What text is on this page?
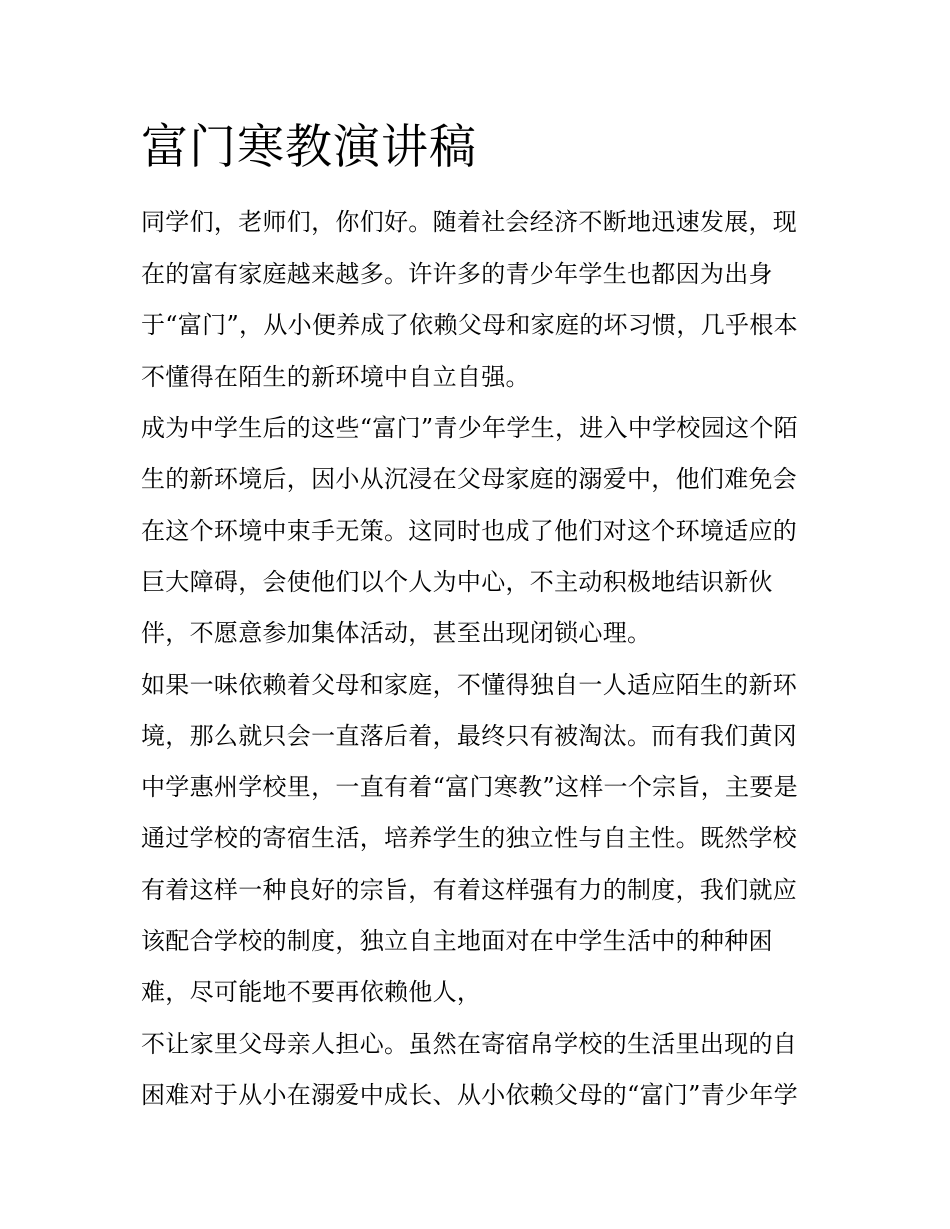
富门寒教演讲稿

同学们，老师们，你们好。随着社会经济不断地迅速发展，现

在的富有家庭越来越多。许许多的青少年学生也都因为出身

于“富门”，从小便养成了依赖父母和家庭的坏习惯，几乎根本

不懂得在陌生的新环境中自立自强。

成为中学生后的这些“富门”青少年学生，进入中学校园这个陌

生的新环境后，因小从沉浸在父母家庭的溺爱中，他们难免会

在这个环境中束手无策。这同时也成了他们对这个环境适应的

巨大障碍，会使他们以个人为中心，不主动积极地结识新伙

伴，不愿意参加集体活动，甚至出现闭锁心理。

如果一味依赖着父母和家庭，不懂得独自一人适应陌生的新环

境，那么就只会一直落后着，最终只有被淘汰。而有我们黄冈

中学惠州学校里，一直有着“富门寒教”这样一个宗旨，主要是

通过学校的寄宿生活，培养学生的独立性与自主性。既然学校

有着这样一种良好的宗旨，有着这样强有力的制度，我们就应

该配合学校的制度，独立自主地面对在中学生活中的种种困

难，尽可能地不要再依赖他人，

不让家里父母亲人担心。虽然在寄宿帛学校的生活里出现的自

困难对于从小在溺爱中成长、从小依赖父母的“富门”青少年学
